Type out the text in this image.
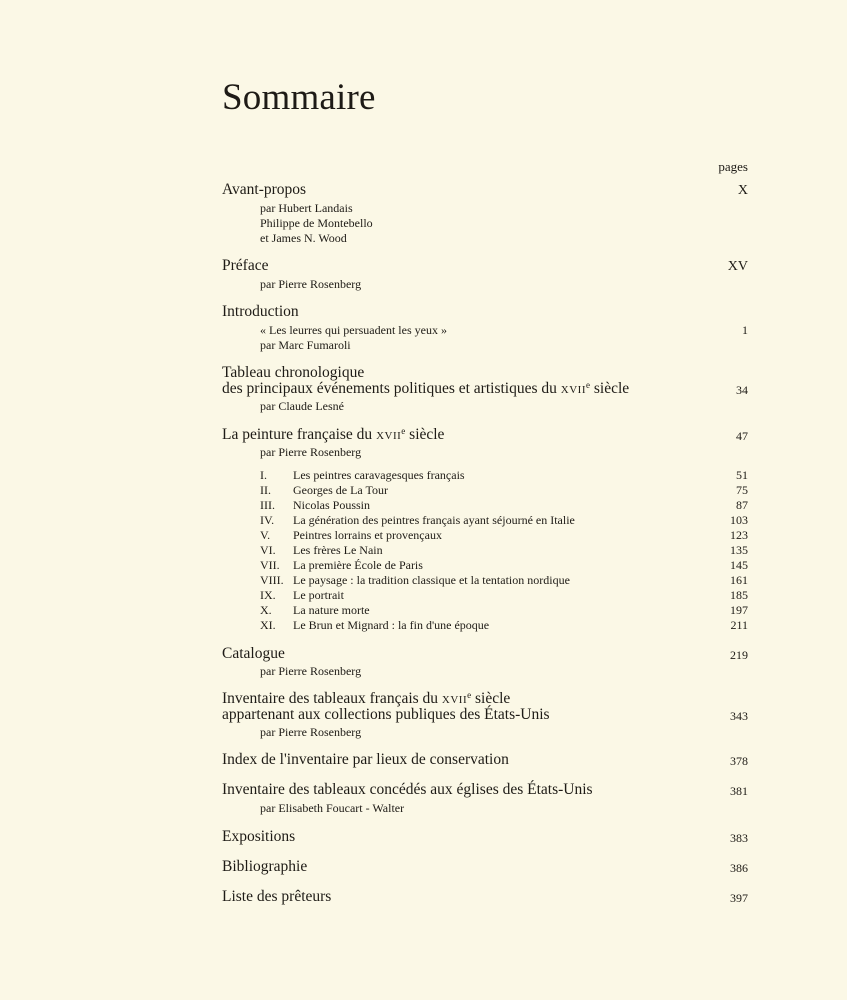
Sommaire
pages
Avant-propos	X
par Hubert Landais
Philippe de Montebello
et James N. Wood
Préface	XV
par Pierre Rosenberg
Introduction
« Les leurres qui persuadent les yeux »	1
par Marc Fumaroli
Tableau chronologique
des principaux événements politiques et artistiques du xvii$^e$ siècle	34
par Claude Lesné
La peinture française du xvii$^e$ siècle	47
par Pierre Rosenberg
I. Les peintres caravagesques français	51
II. Georges de La Tour	75
III. Nicolas Poussin	87
IV. La génération des peintres français ayant séjourné en Italie	103
V. Peintres lorrains et provençaux	123
VI. Les frères Le Nain	135
VII. La première École de Paris	145
VIII. Le paysage : la tradition classique et la tentation nordique	161
IX. Le portrait	185
X. La nature morte	197
XI. Le Brun et Mignard : la fin d'une époque	211
Catalogue	219
par Pierre Rosenberg
Inventaire des tableaux français du xvii$^e$ siècle
appartenant aux collections publiques des États-Unis	343
par Pierre Rosenberg
Index de l'inventaire par lieux de conservation	378
Inventaire des tableaux concédés aux églises des États-Unis	381
par Elisabeth Foucart - Walter
Expositions	383
Bibliographie	386
Liste des prêteurs	397
